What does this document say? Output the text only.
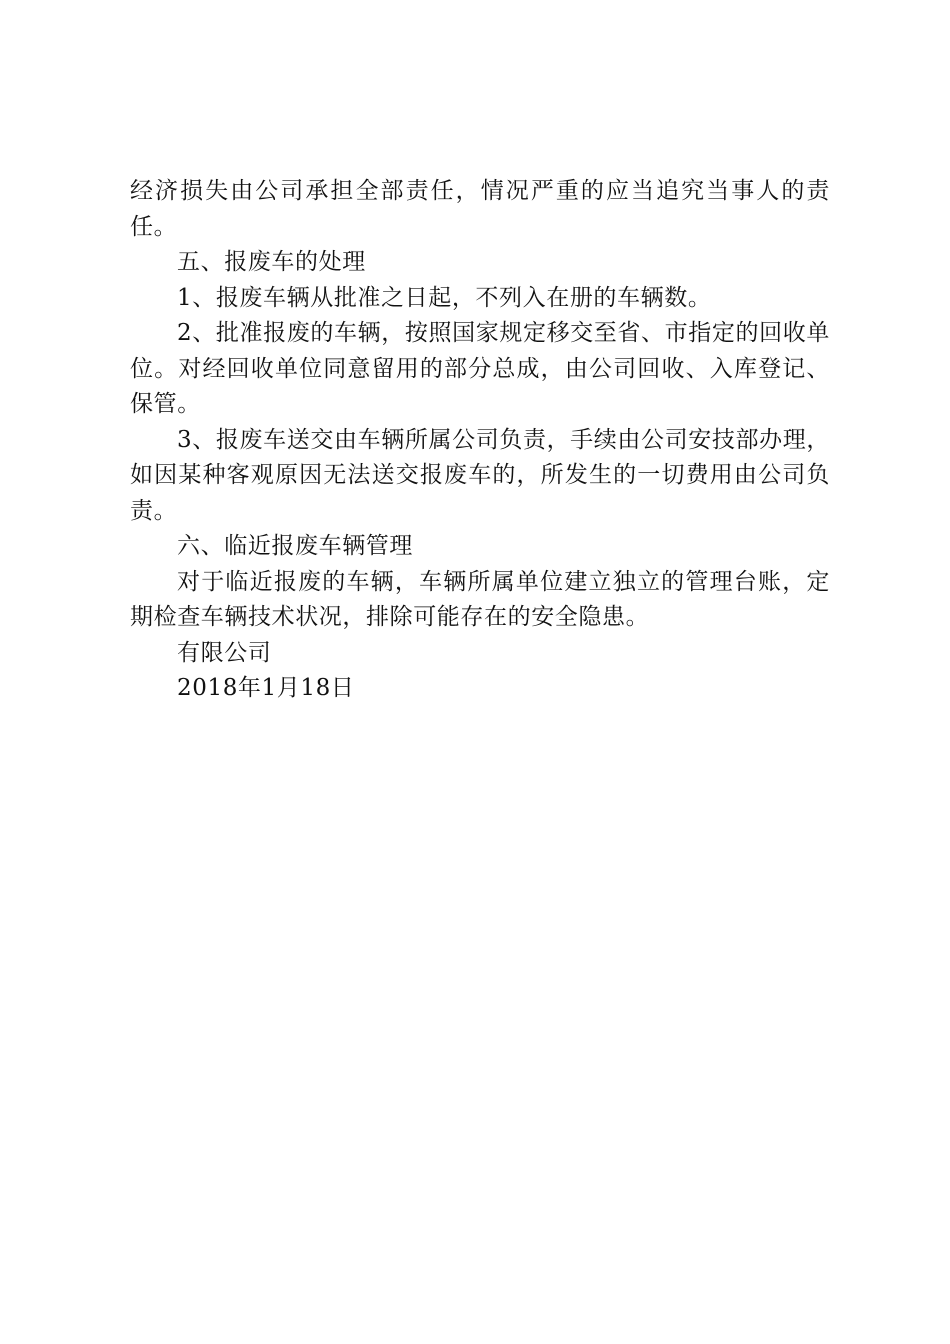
经济损失由公司承担全部责任，情况严重的应当追究当事人的责任。

五、报废车的处理

1、报废车辆从批准之日起，不列入在册的车辆数。

2、批准报废的车辆，按照国家规定移交至省、市指定的回收单位。对经回收单位同意留用的部分总成，由公司回收、入库登记、保管。

3、报废车送交由车辆所属公司负责，手续由公司安技部办理，如因某种客观原因无法送交报废车的，所发生的一切费用由公司负责。

六、临近报废车辆管理

对于临近报废的车辆，车辆所属单位建立独立的管理台账，定期检查车辆技术状况，排除可能存在的安全隐患。

有限公司

2018年1月18日
